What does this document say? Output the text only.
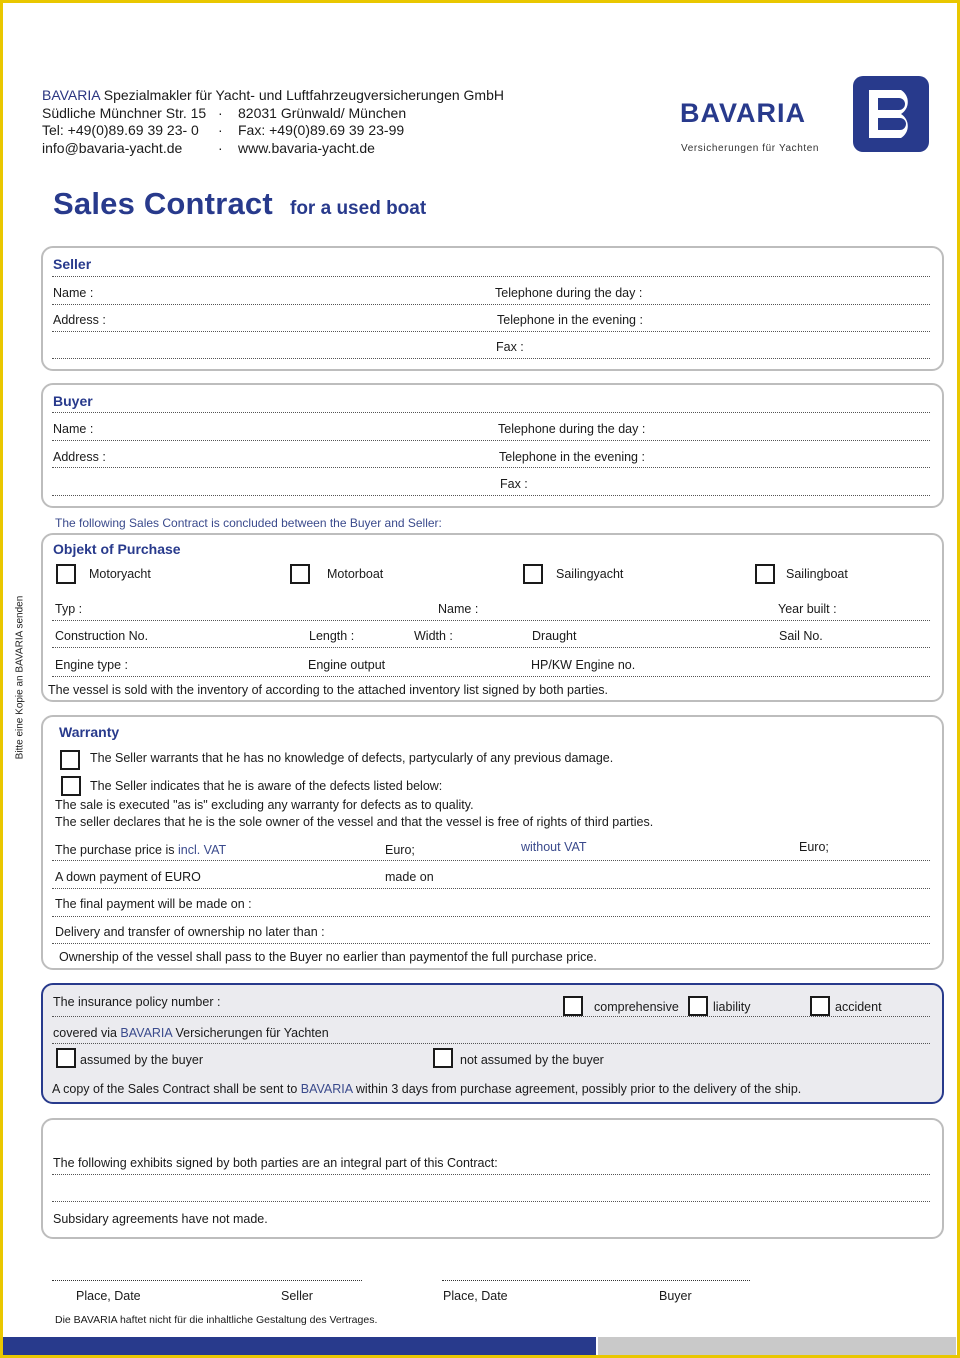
BAVARIA Spezialmakler für Yacht- und Luftfahrzeugversicherungen GmbH
Südliche Münchner Str. 15 · 82031 Grünwald/ München
Tel: +49(0)89.69 39 23- 0 · Fax: +49(0)89.69 39 23-99
info@bavaria-yacht.de	· www.bavaria-yacht.de
BAVARIA
Versicherungen für Yachten
Bitte eine Kopie an BAVARIA senden
Sales Contract for a used boat
Seller
Name :	Telephone during the day :
Address :	Telephone in the evening :
Fax :
Buyer
Name :	Telephone during the day :
Address :	Telephone in the evening :
Fax :
The following Sales Contract is concluded between the Buyer and Seller:
Objekt of Purchase
Motoryacht	Motorboat	Sailingyacht	Sailingboat
Typ :	Name :	Year built :
Construction No.	Length :	Width :	Draught	Sail No.
Engine type :	Engine output	HP/KW Engine no.
The vessel is sold with the inventory of according to the attached inventory list signed by both parties.
Warranty
The Seller warrants that he has no knowledge of defects, partycularly of any previous damage.
The Seller indicates that he is aware of the defects listed below:
The sale is executed "as is" excluding any warranty for defects as to quality.
The seller declares that he is the sole owner of the vessel and that the vessel is free of rights of third parties.
The purchase price is incl. VAT	Euro;	without VAT	Euro;
A down payment of EURO	made on
The final payment will be made on :
Delivery and transfer of ownership no later than :
Ownership of the vessel shall pass to the Buyer no earlier than paymentof the full purchase price.
The insurance policy number :	comprehensive	liability	accident
covered via BAVARIA Versicherungen für Yachten
assumed by the buyer	not assumed by the buyer
A copy of the Sales Contract shall be sent to BAVARIA within 3 days from purchase agreement, possibly prior to the delivery of the ship.
The following exhibits signed by both parties are an integral part of this Contract:
Subsidary agreements have not made.
Place, Date	Seller	Place, Date	Buyer
Die BAVARIA haftet nicht für die inhaltliche Gestaltung des Vertrages.
